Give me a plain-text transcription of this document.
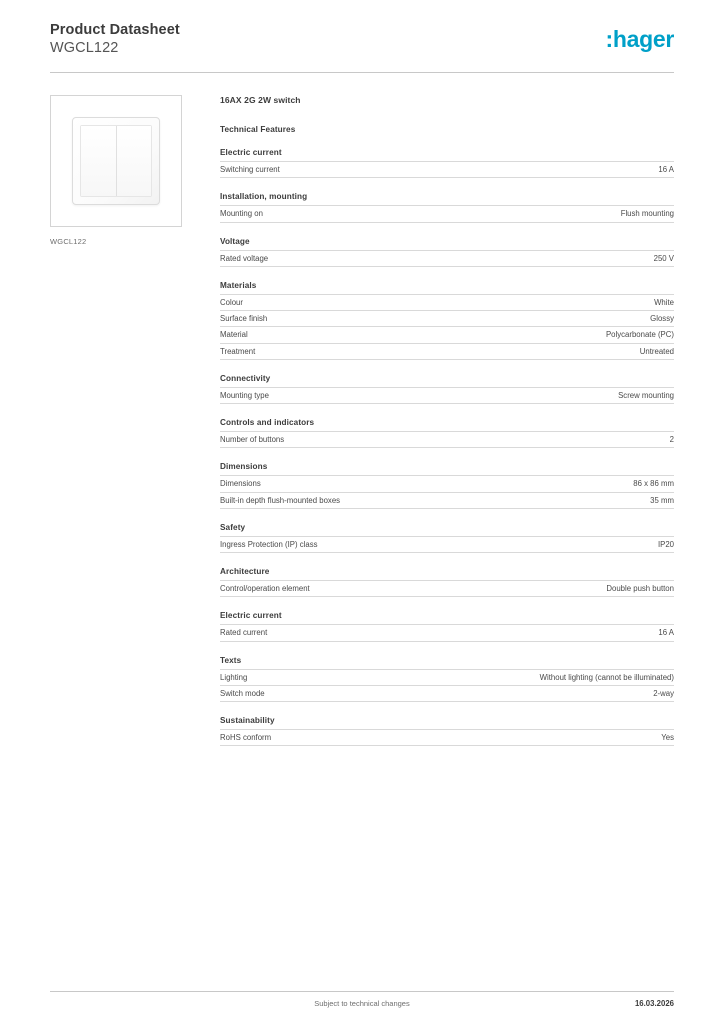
Product Datasheet
WGCL122	:hager
WGCL122
16AX 2G 2W switch
Technical Features
Electric current
Switching current	16 A
Installation, mounting
Mounting on	Flush mounting
Voltage
Rated voltage	250 V
Materials
Colour	White
Surface finish	Glossy
Material	Polycarbonate (PC)
Treatment	Untreated
Connectivity
Mounting type	Screw mounting
Controls and indicators
Number of buttons	2
Dimensions
Dimensions	86 x 86 mm
Built-in depth flush-mounted boxes	35 mm
Safety
Ingress Protection (IP) class	IP20
Architecture
Control/operation element	Double push button
Electric current
Rated current	16 A
Texts
Lighting	Without lighting (cannot be illuminated)
Switch mode	2-way
Sustainability
RoHS conform	Yes
Subject to technical changes	16.03.2026
